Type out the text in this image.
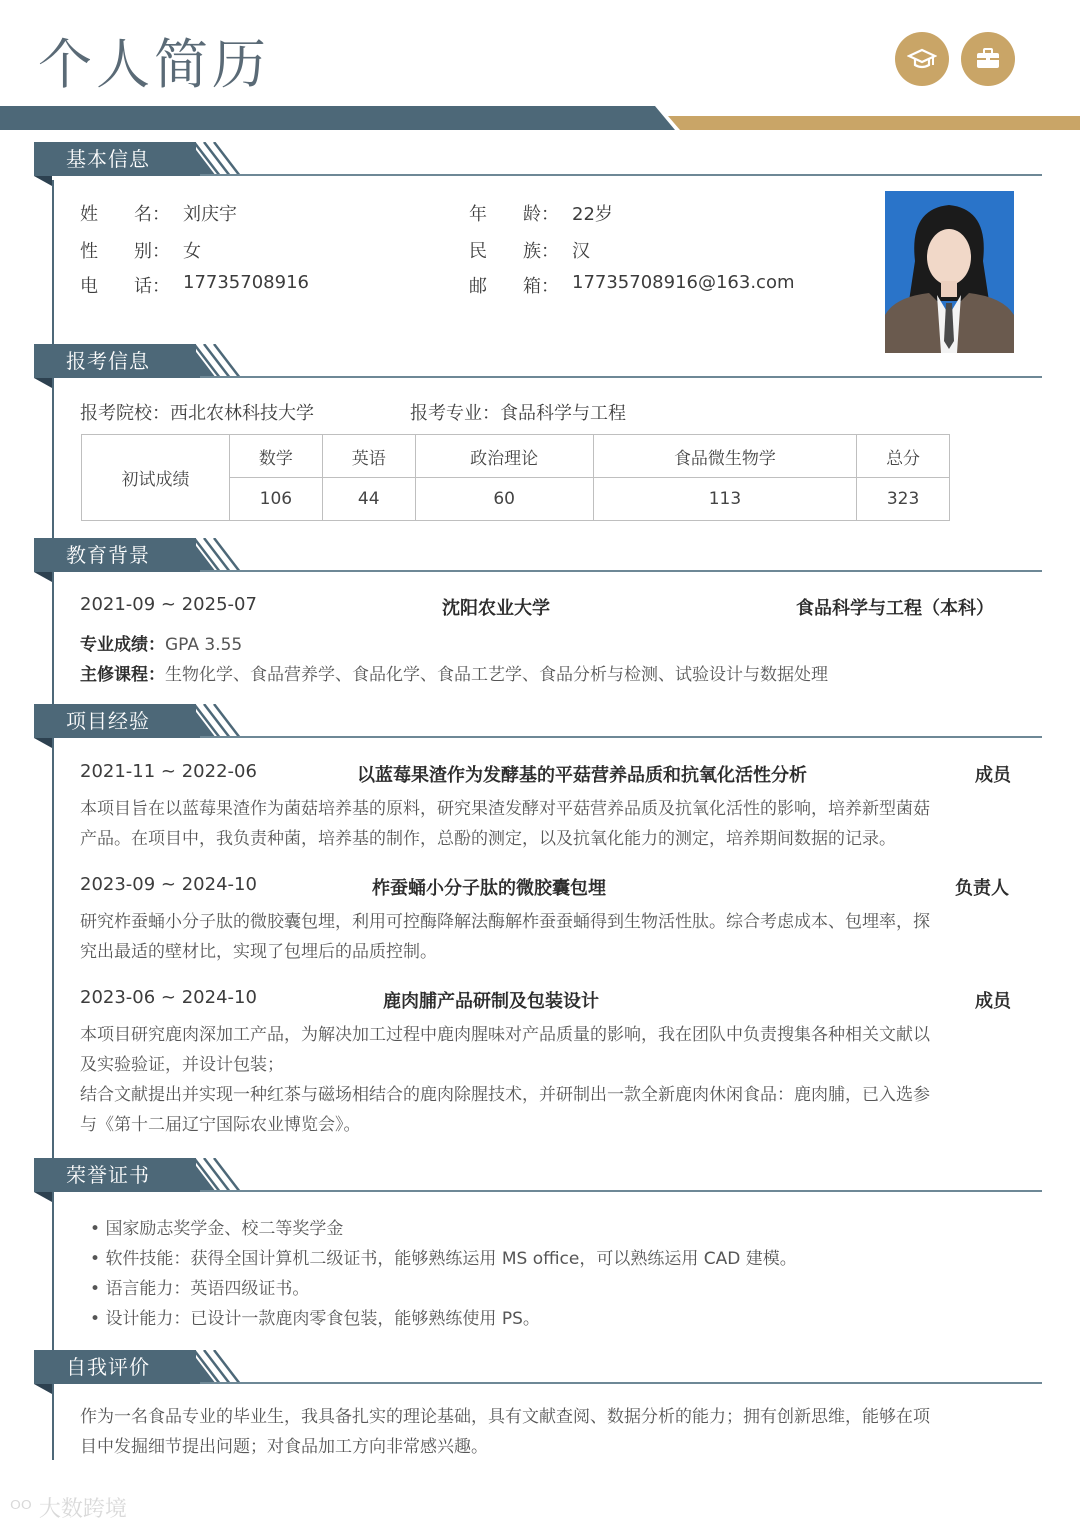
个人简历
基本信息
姓　　名： 刘庆宇	年　　龄： 22岁
性　　别： 女	民　　族： 汉
电　　话： 17735708916	邮　　箱： 17735708916@163.com
报考信息
报考院校：西北农林科技大学	报考专业：食品科学与工程
初试成绩	数学	英语	政治理论	食品微生物学	总分
	106	44	60	113	323
教育背景
2021-09 ~ 2025-07	沈阳农业大学	食品科学与工程（本科）
专业成绩：GPA 3.55
主修课程：生物化学、食品营养学、食品化学、食品工艺学、食品分析与检测、试验设计与数据处理
项目经验
2021-11 ~ 2022-06	以蓝莓果渣作为发酵基的平菇营养品质和抗氧化活性分析	成员
本项目旨在以蓝莓果渣作为菌菇培养基的原料，研究果渣发酵对平菇营养品质及抗氧化活性的影响，培养新型菌菇
产品。在项目中，我负责种菌，培养基的制作，总酚的测定，以及抗氧化能力的测定，培养期间数据的记录。
2023-09 ~ 2024-10	柞蚕蛹小分子肽的微胶囊包埋	负责人
研究柞蚕蛹小分子肽的微胶囊包埋，利用可控酶降解法酶解柞蚕蚕蛹得到生物活性肽。综合考虑成本、包埋率，探
究出最适的壁材比，实现了包埋后的品质控制。
2023-06 ~ 2024-10	鹿肉脯产品研制及包装设计	成员
本项目研究鹿肉深加工产品，为解决加工过程中鹿肉腥味对产品质量的影响，我在团队中负责搜集各种相关文献以
及实验验证，并设计包装；
结合文献提出并实现一种红茶与磁场相结合的鹿肉除腥技术，并研制出一款全新鹿肉休闲食品：鹿肉脯，已入选参
与《第十二届辽宁国际农业博览会》。
荣誉证书
• 国家励志奖学金、校二等奖学金
• 软件技能：获得全国计算机二级证书，能够熟练运用 MS office，可以熟练运用 CAD 建模。
• 语言能力：英语四级证书。
• 设计能力：已设计一款鹿肉零食包装，能够熟练使用 PS。
自我评价
作为一名食品专业的毕业生，我具备扎实的理论基础，具有文献查阅、数据分析的能力；拥有创新思维，能够在项
目中发掘细节提出问题；对食品加工方向非常感兴趣。
ᴼᴼ 大数跨境
